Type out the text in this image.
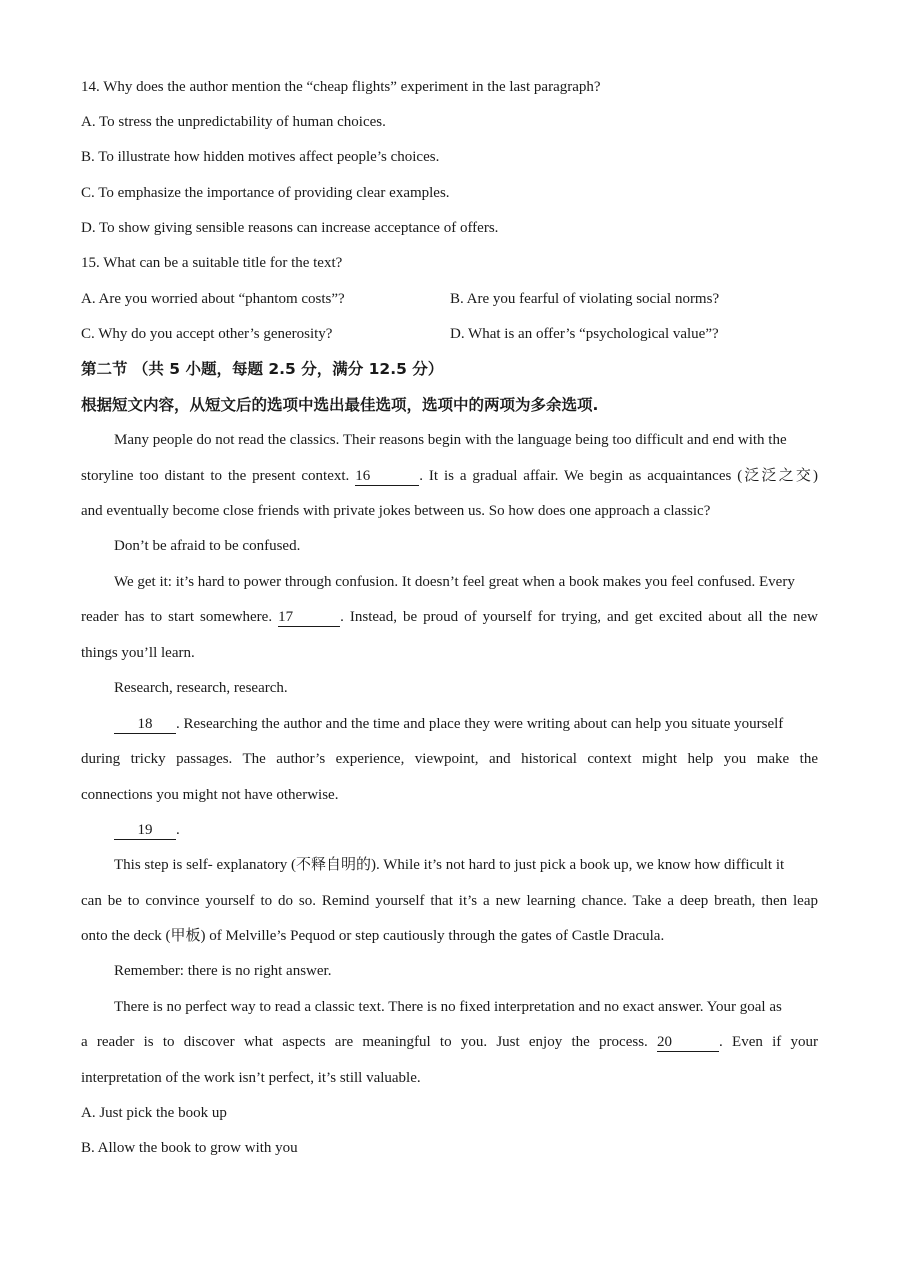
14. Why does the author mention the “cheap flights” experiment in the last paragraph?
A. To stress the unpredictability of human choices.
B. To illustrate how hidden motives affect people’s choices.
C. To emphasize the importance of providing clear examples.
D. To show giving sensible reasons can increase acceptance of offers.
15. What can be a suitable title for the text?
A. Are you worried about “phantom costs”?	B. Are you fearful of violating social norms?
C. Why do you accept other’s generosity?	D. What is an offer’s “psychological value”?
第二节 （共 5 小题，每题 2.5 分，满分 12.5 分）
根据短文内容，从短文后的选项中选出最佳选项，选项中的两项为多余选项.
Many people do not read the classics. Their reasons begin with the language being too difficult and end with the
storyline too distant to the present context. 16	. It is a gradual affair. We begin as acquaintances (泛泛之交)
and eventually become close friends with private jokes between us. So how does one approach a classic?
Don’t be afraid to be confused.
We get it: it’s hard to power through confusion. It doesn’t feel great when a book makes you feel confused. Every
reader has to start somewhere. 17	. Instead, be proud of yourself for trying, and get excited about all the new
things you’ll learn.
Research, research, research.
18 . Researching the author and the time and place they were writing about can help you situate yourself
during tricky passages. The author’s experience, viewpoint, and historical context might help you make the
connections you might not have otherwise.
19 .
This step is self- explanatory (不释自明的). While it’s not hard to just pick a book up, we know how difficult it
can be to convince yourself to do so. Remind yourself that it’s a new learning chance. Take a deep breath, then leap
onto the deck (甲板) of Melville’s Pequod or step cautiously through the gates of Castle Dracula.
Remember: there is no right answer.
There is no perfect way to read a classic text. There is no fixed interpretation and no exact answer. Your goal as
a reader is to discover what aspects are meaningful to you. Just enjoy the process. 20	. Even if your
interpretation of the work isn’t perfect, it’s still valuable.
A. Just pick the book up
B. Allow the book to grow with you
